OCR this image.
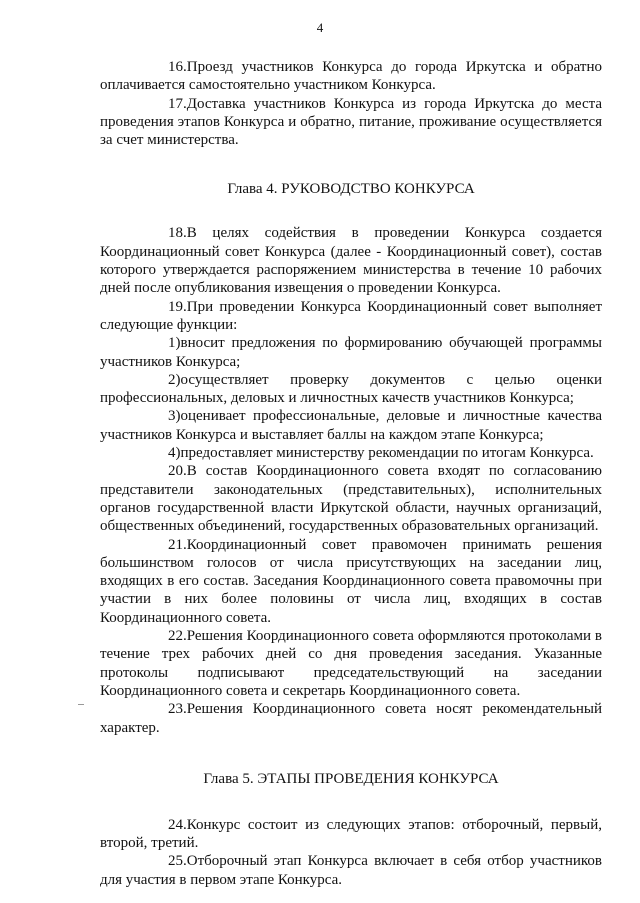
4

16.Проезд участников Конкурса до города Иркутска и обратно оплачивается самостоятельно участником Конкурса.

17.Доставка участников Конкурса из города Иркутска до места проведения этапов Конкурса и обратно, питание, проживание осуществляется за счет министерства.

Глава 4. РУКОВОДСТВО КОНКУРСА

18.В целях содействия в проведении Конкурса создается Координационный совет Конкурса (далее - Координационный совет), состав которого утверждается распоряжением министерства в течение 10 рабочих дней после опубликования извещения о проведении Конкурса.

19.При проведении Конкурса Координационный совет выполняет следующие функции:

1)вносит предложения по формированию обучающей программы участников Конкурса;

2)осуществляет проверку документов с целью оценки профессиональных, деловых и личностных качеств участников Конкурса;

3)оценивает профессиональные, деловые и личностные качества участников Конкурса и выставляет баллы на каждом этапе Конкурса;

4)предоставляет министерству рекомендации по итогам Конкурса.

20.В состав Координационного совета входят по согласованию представители законодательных (представительных), исполнительных органов государственной власти Иркутской области, научных организаций, общественных объединений, государственных образовательных организаций.

21.Координационный совет правомочен принимать решения большинством голосов от числа присутствующих на заседании лиц, входящих в его состав. Заседания Координационного совета правомочны при участии в них более половины от числа лиц, входящих в состав Координационного совета.

22.Решения Координационного совета оформляются протоколами в течение трех рабочих дней со дня проведения заседания. Указанные протоколы подписывают председательствующий на заседании Координационного совета и секретарь Координационного совета.

23.Решения Координационного совета носят рекомендательный характер.

Глава 5. ЭТАПЫ ПРОВЕДЕНИЯ КОНКУРСА

24.Конкурс состоит из следующих этапов: отборочный, первый, второй, третий.

25.Отборочный этап Конкурса включает в себя отбор участников для участия в первом этапе Конкурса.
